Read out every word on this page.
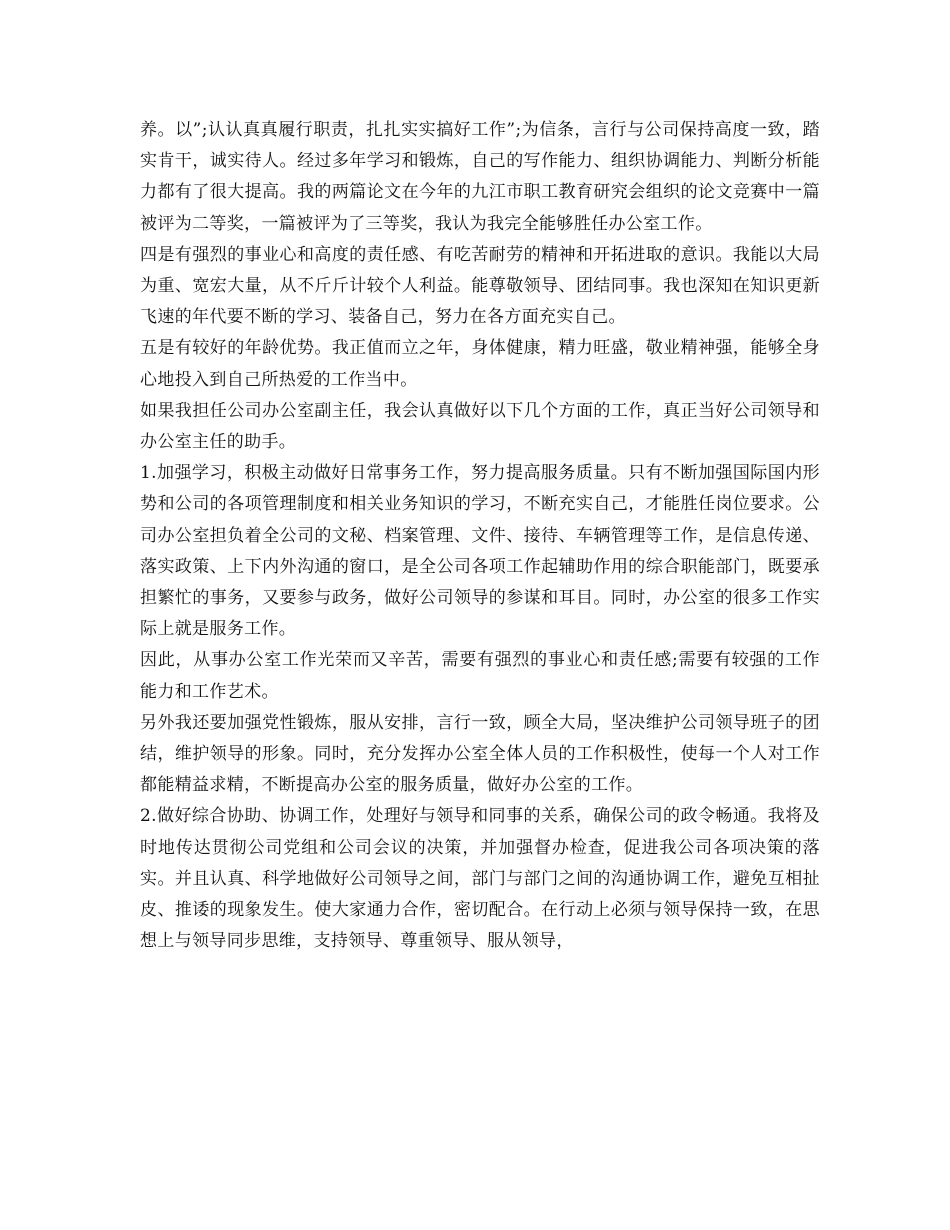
养。以”;认认真真履行职责，扎扎实实搞好工作”;为信条，言行与公司保持高度一致，踏实肯干，诚实待人。经过多年学习和锻炼，自己的写作能力、组织协调能力、判断分析能力都有了很大提高。我的两篇论文在今年的九江市职工教育研究会组织的论文竞赛中一篇被评为二等奖，一篇被评为了三等奖，我认为我完全能够胜任办公室工作。

四是有强烈的事业心和高度的责任感、有吃苦耐劳的精神和开拓进取的意识。我能以大局为重、宽宏大量，从不斤斤计较个人利益。能尊敬领导、团结同事。我也深知在知识更新飞速的年代要不断的学习、装备自己，努力在各方面充实自己。

五是有较好的年龄优势。我正值而立之年，身体健康，精力旺盛，敬业精神强，能够全身心地投入到自己所热爱的工作当中。

如果我担任公司办公室副主任，我会认真做好以下几个方面的工作，真正当好公司领导和办公室主任的助手。

1.加强学习，积极主动做好日常事务工作，努力提高服务质量。只有不断加强国际国内形势和公司的各项管理制度和相关业务知识的学习，不断充实自己，才能胜任岗位要求。公司办公室担负着全公司的文秘、档案管理、文件、接待、车辆管理等工作，是信息传递、落实政策、上下内外沟通的窗口，是全公司各项工作起辅助作用的综合职能部门，既要承担繁忙的事务，又要参与政务，做好公司领导的参谋和耳目。同时，办公室的很多工作实际上就是服务工作。

因此，从事办公室工作光荣而又辛苦，需要有强烈的事业心和责任感;需要有较强的工作能力和工作艺术。

另外我还要加强党性锻炼，服从安排，言行一致，顾全大局，坚决维护公司领导班子的团结，维护领导的形象。同时，充分发挥办公室全体人员的工作积极性，使每一个人对工作都能精益求精，不断提高办公室的服务质量，做好办公室的工作。

2.做好综合协助、协调工作，处理好与领导和同事的关系，确保公司的政令畅通。我将及时地传达贯彻公司党组和公司会议的决策，并加强督办检查，促进我公司各项决策的落实。并且认真、科学地做好公司领导之间，部门与部门之间的沟通协调工作，避免互相扯皮、推诿的现象发生。使大家通力合作，密切配合。在行动上必须与领导保持一致，在思想上与领导同步思维，支持领导、尊重领导、服从领导，
